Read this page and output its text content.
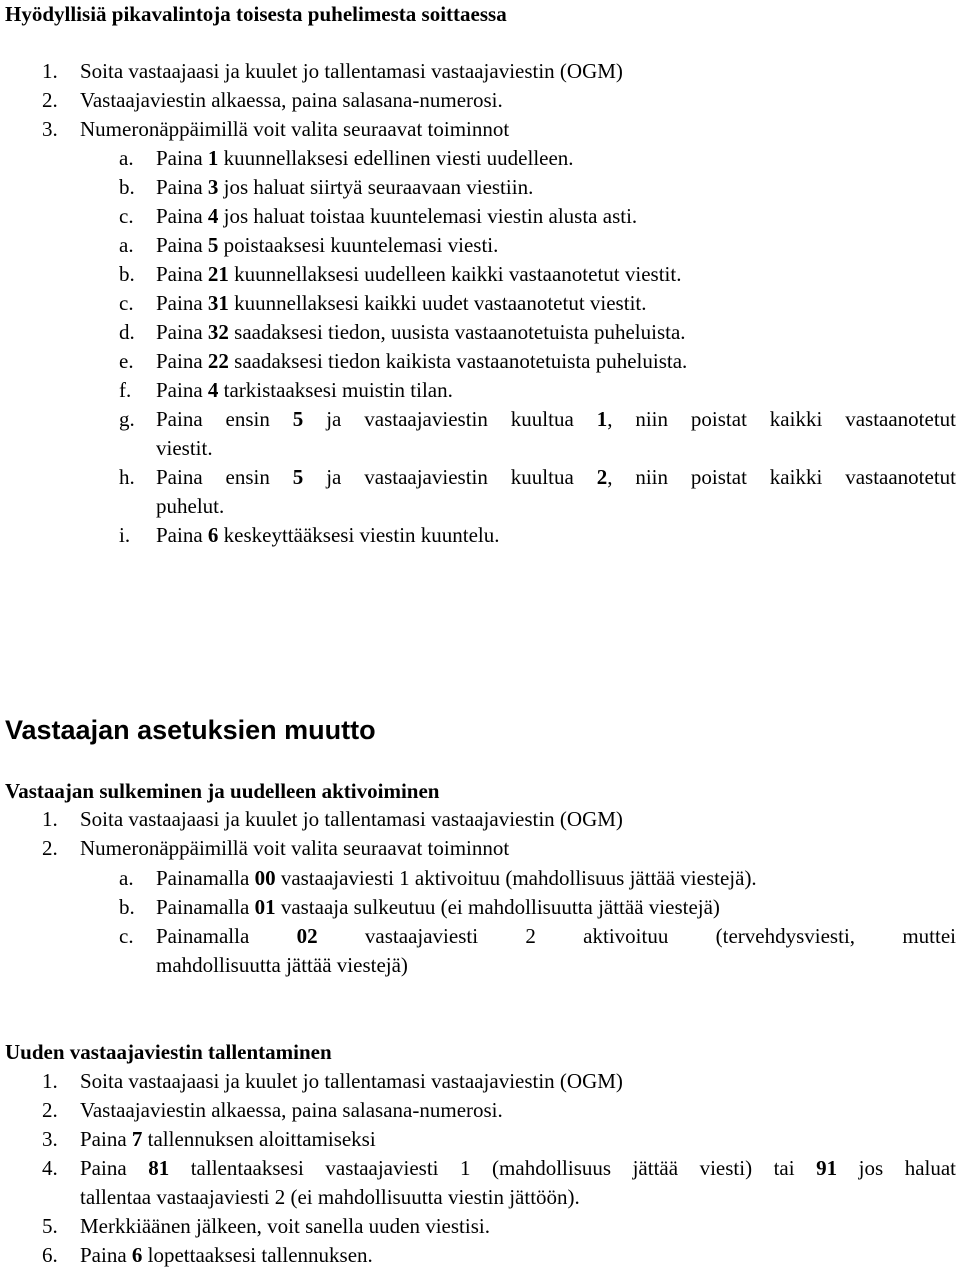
Hyödyllisiä pikavalintoja toisesta puhelimesta soittaessa
1. Soita vastaajaasi ja kuulet jo tallentamasi vastaajaviestin (OGM)
2. Vastaajaviestin alkaessa, paina salasana-numerosi.
3. Numeronäppäimillä voit valita seuraavat toiminnot
a. Paina 1 kuunnellaksesi edellinen viesti uudelleen.
b. Paina 3 jos haluat siirtyä seuraavaan viestiin.
c. Paina 4 jos haluat toistaa kuuntelemasi viestin alusta asti.
a. Paina 5 poistaaksesi kuuntelemasi viesti.
b. Paina 21 kuunnellaksesi uudelleen kaikki vastaanotetut viestit.
c. Paina 31 kuunnellaksesi kaikki uudet vastaanotetut viestit.
d. Paina 32 saadaksesi tiedon, uusista vastaanotetuista puheluista.
e. Paina 22 saadaksesi tiedon kaikista vastaanotetuista puheluista.
f. Paina 4 tarkistaaksesi muistin tilan.
g. Paina ensin 5 ja vastaajaviestin kuultua 1, niin poistat kaikki vastaanotetut
viestit.
h. Paina ensin 5 ja vastaajaviestin kuultua 2, niin poistat kaikki vastaanotetut
puhelut.
i. Paina 6 keskeyttääksesi viestin kuuntelu.
Vastaajan asetuksien muutto
Vastaajan sulkeminen ja uudelleen aktivoiminen
1. Soita vastaajaasi ja kuulet jo tallentamasi vastaajaviestin (OGM)
2. Numeronäppäimillä voit valita seuraavat toiminnot
a. Painamalla 00 vastaajaviesti 1 aktivoituu (mahdollisuus jättää viestejä).
b. Painamalla 01 vastaaja sulkeutuu (ei mahdollisuutta jättää viestejä)
c. Painamalla 02 vastaajaviesti 2 aktivoituu (tervehdysviesti, muttei
mahdollisuutta jättää viestejä)
Uuden vastaajaviestin tallentaminen
1. Soita vastaajaasi ja kuulet jo tallentamasi vastaajaviestin (OGM)
2. Vastaajaviestin alkaessa, paina salasana-numerosi.
3. Paina 7 tallennuksen aloittamiseksi
4. Paina 81 tallentaaksesi vastaajaviesti 1 (mahdollisuus jättää viesti) tai 91 jos haluat
tallentaa vastaajaviesti 2 (ei mahdollisuutta viestin jättöön).
5. Merkkiäänen jälkeen, voit sanella uuden viestisi.
6. Paina 6 lopettaaksesi tallennuksen.
